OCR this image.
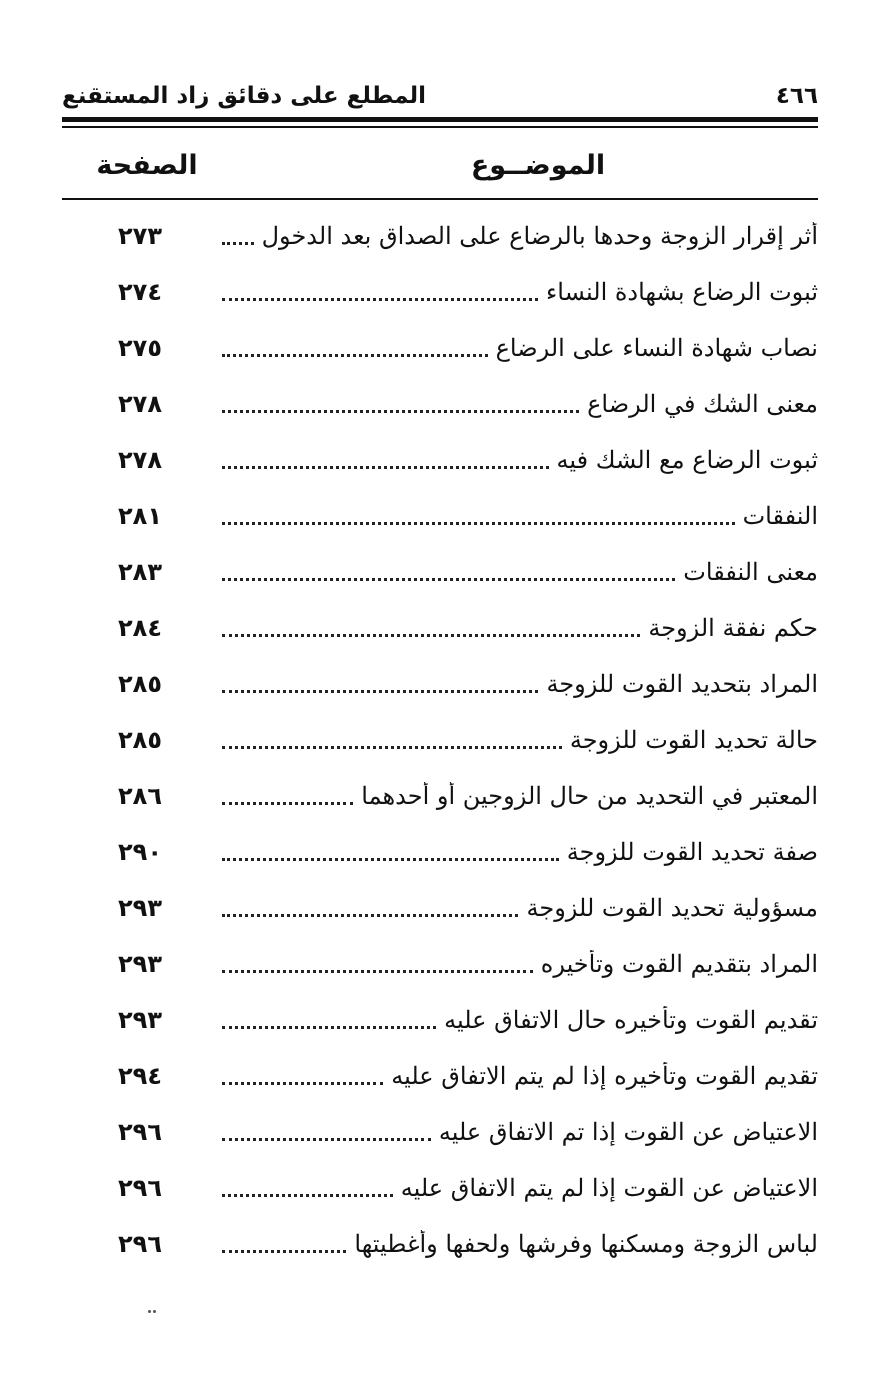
٤٦٦
المطلع على دقائق زاد المستقنع
الموضــوع
الصفحة
أثر إقرار الزوجة وحدها بالرضاع على الصداق بعد الدخول
٢٧٣
ثبوت الرضاع بشهادة النساء
٢٧٤
نصاب شهادة النساء على الرضاع
٢٧٥
معنى الشك في الرضاع
٢٧٨
ثبوت الرضاع مع الشك فيه
٢٧٨
النفقات
٢٨١
معنى النفقات
٢٨٣
حكم نفقة الزوجة
٢٨٤
المراد بتحديد القوت للزوجة
٢٨٥
حالة تحديد القوت للزوجة
٢٨٥
المعتبر في التحديد من حال الزوجين أو أحدهما
٢٨٦
صفة تحديد القوت للزوجة
٢٩٠
مسؤولية تحديد القوت للزوجة
٢٩٣
المراد بتقديم القوت وتأخيره
٢٩٣
تقديم القوت وتأخيره حال الاتفاق عليه
٢٩٣
تقديم القوت وتأخيره إذا لم يتم الاتفاق عليه
٢٩٤
الاعتياض عن القوت إذا تم الاتفاق عليه
٢٩٦
الاعتياض عن القوت إذا لم يتم الاتفاق عليه
٢٩٦
لباس الزوجة ومسكنها وفرشها ولحفها وأغطيتها
٢٩٦
